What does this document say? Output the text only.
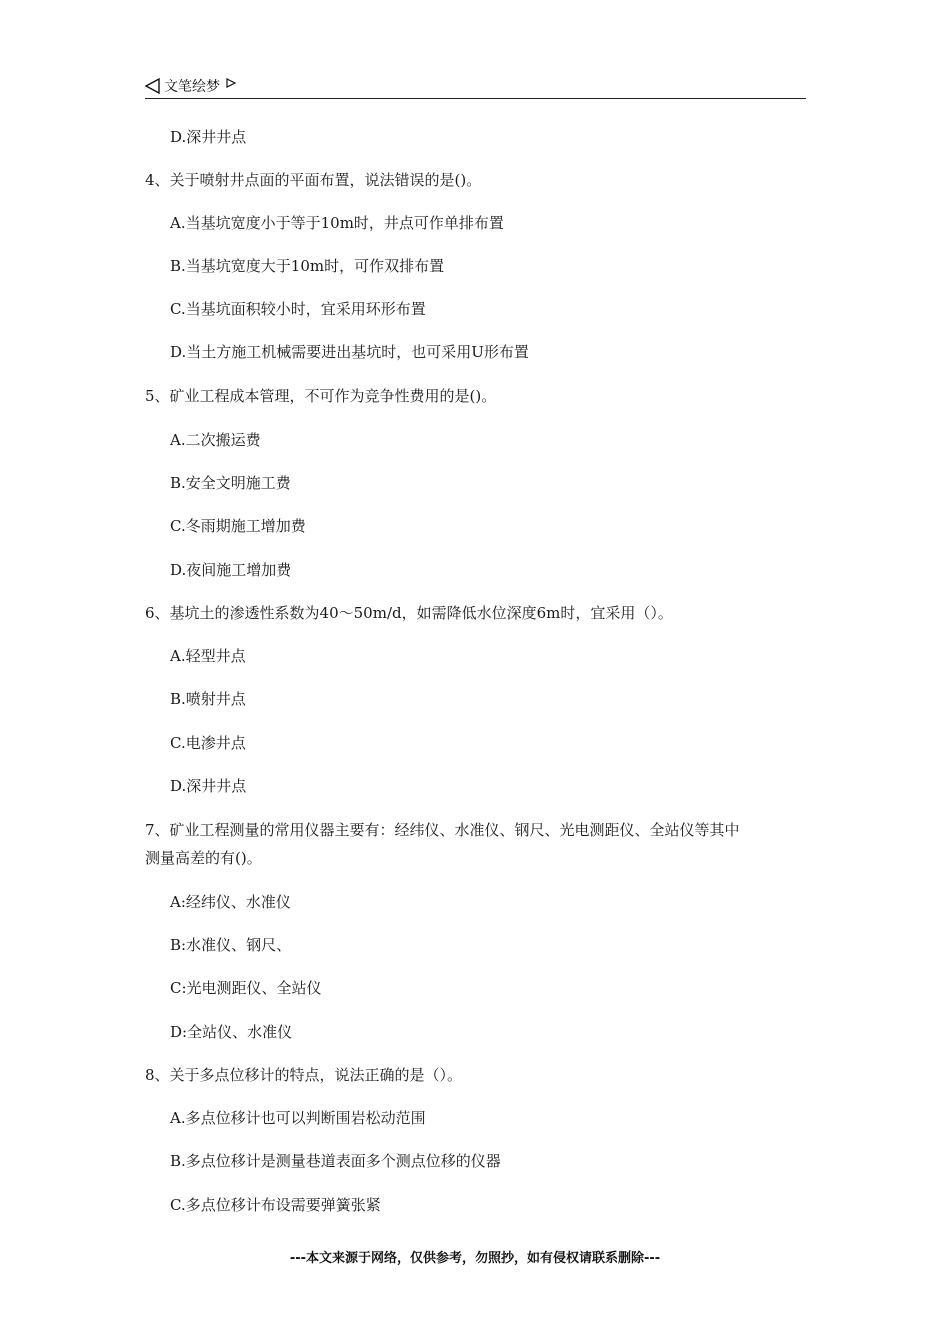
文笔绘梦
D.深井井点
4、关于喷射井点面的平面布置，说法错误的是()。
A.当基坑宽度小于等于10m时，井点可作单排布置
B.当基坑宽度大于10m时，可作双排布置
C.当基坑面积较小时，宜采用环形布置
D.当土方施工机械需要进出基坑时，也可采用U形布置
5、矿业工程成本管理，不可作为竞争性费用的是()。
A.二次搬运费
B.安全文明施工费
C.冬雨期施工增加费
D.夜间施工增加费
6、基坑土的渗透性系数为40～50m/d，如需降低水位深度6m时，宜采用（）。
A.轻型井点
B.喷射井点
C.电渗井点
D.深井井点
7、矿业工程测量的常用仪器主要有：经纬仪、水准仪、钢尺、光电测距仪、全站仪等其中
测量高差的有()。
A:经纬仪、水准仪
B:水准仪、钢尺、
C:光电测距仪、全站仪
D:全站仪、水准仪
8、关于多点位移计的特点，说法正确的是（）。
A.多点位移计也可以判断围岩松动范围
B.多点位移计是测量巷道表面多个测点位移的仪器
C.多点位移计布设需要弹簧张紧
---本文来源于网络，仅供参考，勿照抄，如有侵权请联系删除---
